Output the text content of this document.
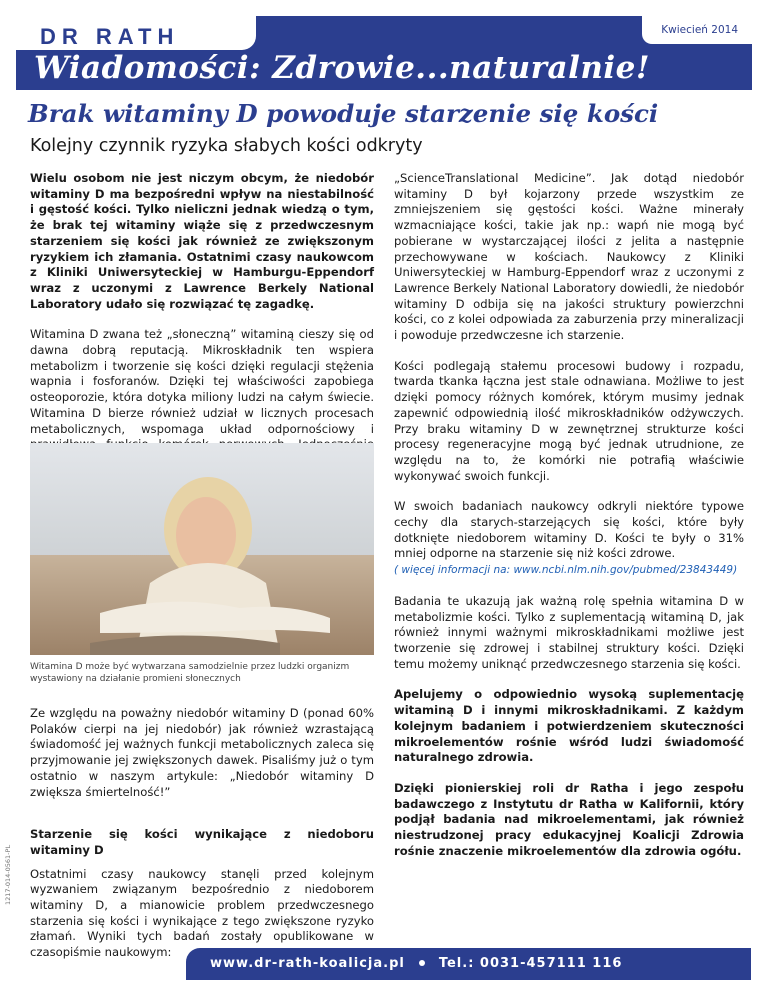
DR RATH	Kwiecień 2014
Wiadomości: Zdrowie...naturalnie!
Brak witaminy D powoduje starzenie się kości
Kolejny czynnik ryzyka słabych kości odkryty

Wielu osobom nie jest niczym obcym, że niedobór witaminy D ma bezpośredni wpływ na niestabilność i gęstość kości. Tylko nieliczni jednak wiedzą o tym, że brak tej witaminy wiąże się z przedwczesnym starzeniem się kości jak również ze zwiększonym ryzykiem ich złamania. Ostatnimi czasy naukowcom z Kliniki Uniwersyteckiej w Hamburgu-Eppendorf wraz z uczonymi z Lawrence Berkely National Laboratory udało się rozwiązać tę zagadkę.

Witamina D zwana też „słoneczną” witaminą cieszy się od dawna dobrą reputacją. Mikroskładnik ten wspiera metabolizm i tworzenie się kości dzięki regulacji stężenia wapnia i fosforanów. Dzięki tej właściwości zapobiega osteoporozie, która dotyka miliony ludzi na całym świecie. Witamina D bierze również udział w licznych procesach metabolicznych, wspomaga układ odpornościowy i

Witamina D może być wytwarzana samodzielnie przez ludzki organizm wystawiony na działanie promieni słonecznych

Ze względu na poważny niedobór witaminy D (ponad 60% Polaków cierpi na jej niedobór) jak również wzrastającą świadomość jej ważnych funkcji metabolicznych zaleca się przyjmowanie jej zwiększonych dawek. Pisaliśmy już o tym ostatnio w naszym artykule: „Niedobór witaminy D zwiększa śmiertelność!”

Starzenie się kości wynikające z niedoboru witaminy D

Ostatnimi czasy naukowcy stanęli przed kolejnym wyzwaniem związanym bezpośrednio z niedoborem witaminy D, a mianowicie problem przedwczesnego starzenia się kości i wynikające z tego zwiększone ryzyko złamań. Wyniki tych badań zostały opublikowane w czasopiśmie naukowym:

„ScienceTranslational Medicine”. Jak dotąd niedobór witaminy D był kojarzony przede wszystkim ze zmniejszeniem się gęstości kości. Ważne minerały wzmacniające kości, takie jak np.: wapń nie mogą być pobierane w wystarczającej ilości z jelita a następnie przechowywane w kościach. Naukowcy z Kliniki Uniwersyteckiej w Hamburg-Eppendorf wraz z uczonymi z Lawrence Berkely National Laboratory dowiedli, że niedobór witaminy D odbija się na jakości struktury powierzchni kości, co z kolei odpowiada za zaburzenia przy mineralizacji i powoduje przedwczesne ich starzenie.

Kości podlegają stałemu procesowi budowy i rozpadu, twarda tkanka łączna jest stale odnawiana. Możliwe to jest dzięki pomocy różnych komórek, którym musimy jednak zapewnić odpowiednią ilość mikroskładników odżywczych. Przy braku witaminy D w zewnętrznej strukturze kości procesy regeneracyjne mogą być jednak utrudnione, ze względu na to, że komórki nie potrafią właściwie wykonywać swoich funkcji.

W swoich badaniach naukowcy odkryli niektóre typowe cechy dla starych-starzejących się kości, które były dotknięte niedoborem witaminy D. Kości te były o 31% mniej odporne na starzenie się niż kości zdrowe.

( więcej informacji na: www.ncbi.nlm.nih.gov/pubmed/23843449)

Badania te ukazują jak ważną rolę spełnia witamina D w metabolizmie kości. Tylko z suplementacją witaminą D, jak również innymi ważnymi mikroskładnikami możliwe jest tworzenie się zdrowej i stabilnej struktury kości. Dzięki temu możemy uniknąć przedwczesnego starzenia się kości.

Apelujemy o odpowiednio wysoką suplementację witaminą D i innymi mikroskładnikami. Z każdym kolejnym badaniem i potwierdzeniem skuteczności mikroelementów rośnie wśród ludzi świadomość naturalnego zdrowia.

Dzięki pionierskiej roli dr Ratha i jego zespołu badawczego z Instytutu dr Ratha w Kalifornii, który podjął badania nad mikroelementami, jak również niestrudzonej pracy edukacyjnej Koalicji Zdrowia rośnie znaczenie mikroelementów dla zdrowia ogółu.

1217-014-0561-PL
www.dr-rath-koalicja.pl	Tel.: 0031-457111 116
